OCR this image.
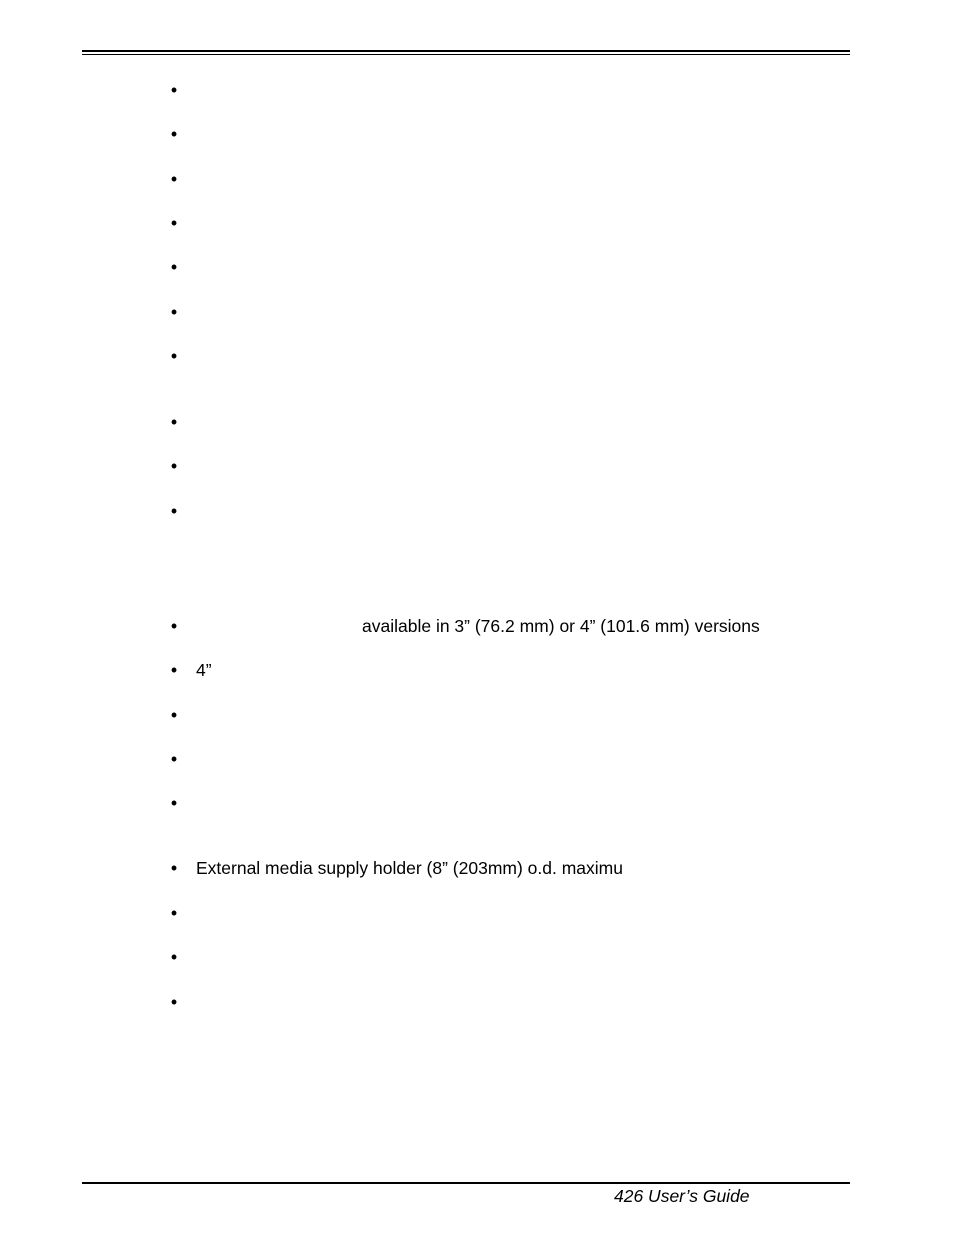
•
•
•
•
•
•
•
•
•
•
•	available in 3” (76.2 mm) or 4” (101.6 mm) versions
• 4”
•
•
•
• External media supply holder (8” (203mm) o.d. maximu
•
•
•
426 User’s Guide
